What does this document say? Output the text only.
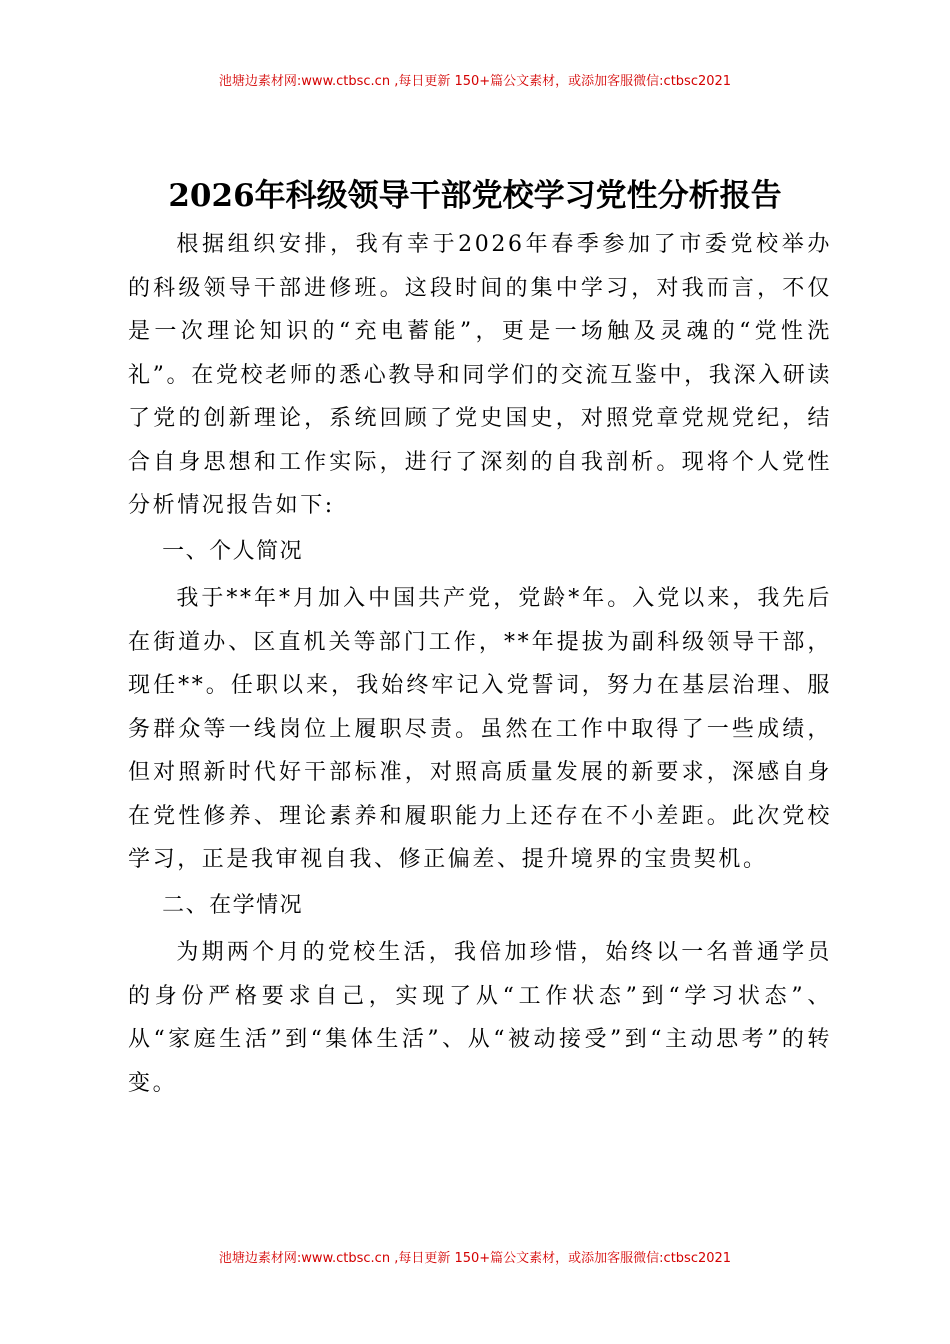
池塘边素材网:www.ctbsc.cn ,每日更新 150+篇公文素材，或添加客服微信:ctbsc2021
2026年科级领导干部党校学习党性分析报告

根据组织安排，我有幸于2026年春季参加了市委党校举办的科级领导干部进修班。这段时间的集中学习，对我而言，不仅是一次理论知识的“充电蓄能”，更是一场触及灵魂的“党性洗礼”。在党校老师的悉心教导和同学们的交流互鉴中，我深入研读了党的创新理论，系统回顾了党史国史，对照党章党规党纪，结合自身思想和工作实际，进行了深刻的自我剖析。现将个人党性分析情况报告如下:

一、个人简况

我于**年*月加入中国共产党，党龄*年。入党以来，我先后在街道办、区直机关等部门工作，**年提拔为副科级领导干部，现任**。任职以来，我始终牢记入党誓词，努力在基层治理、服务群众等一线岗位上履职尽责。虽然在工作中取得了一些成绩，但对照新时代好干部标准，对照高质量发展的新要求，深感自身在党性修养、理论素养和履职能力上还存在不小差距。此次党校学习，正是我审视自我、修正偏差、提升境界的宝贵契机。

二、在学情况

为期两个月的党校生活，我倍加珍惜，始终以一名普通学员的身份严格要求自己，实现了从“工作状态”到“学习状态”、从“家庭生活”到“集体生活”、从“被动接受”到“主动思考”的转变。

池塘边素材网:www.ctbsc.cn ,每日更新 150+篇公文素材，或添加客服微信:ctbsc2021
